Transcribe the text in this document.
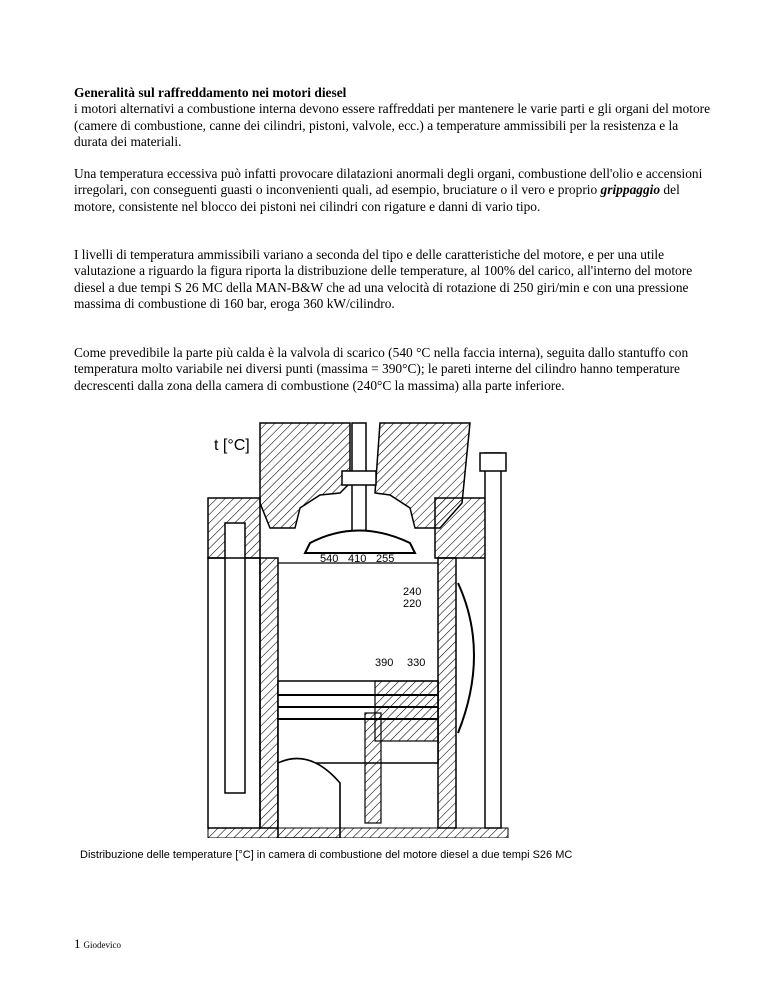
Generalità sul raffreddamento nei motori diesel

i motori alternativi a combustione interna devono essere raffreddati per mantenere le varie parti e gli organi del motore (camere di combustione, canne dei cilindri, pistoni, valvole, ecc.) a temperature ammissibili per la resistenza e la durata dei materiali.

Una temperatura eccessiva può infatti provocare dilatazioni anormali degli organi, combustione dell'olio e accensioni irregolari, con conseguenti guasti o inconvenienti quali, ad esempio, bruciature o il vero e proprio grippaggio del motore, consistente nel blocco dei pistoni nei cilindri con rigature e danni di vario tipo.

I livelli di temperatura ammissibili variano a seconda del tipo e delle caratteristiche del motore, e per una utile valutazione a riguardo la figura riporta la distribuzione delle temperature, al 100% del carico, all'interno del motore diesel a due tempi S 26 MC della MAN-B&W che ad una velocità di rotazione di 250 giri/min e con una pressione massima di combustione di 160 bar, eroga 360 kW/cilindro.

Come prevedibile la parte più calda è la valvola di scarico (540 °C nella faccia interna), seguita dallo stantuffo con temperatura molto variabile nei diversi punti (massima = 390°C); le pareti interne del cilindro hanno temperature decrescenti dalla zona della camera di combustione (240°C la massima) alla parte inferiore.

t [°C]
540 410 255
240
220
390 330
Distribuzione delle temperature [°C] in camera di combustione del motore diesel a due tempi S26 MC
1 Giodevico
